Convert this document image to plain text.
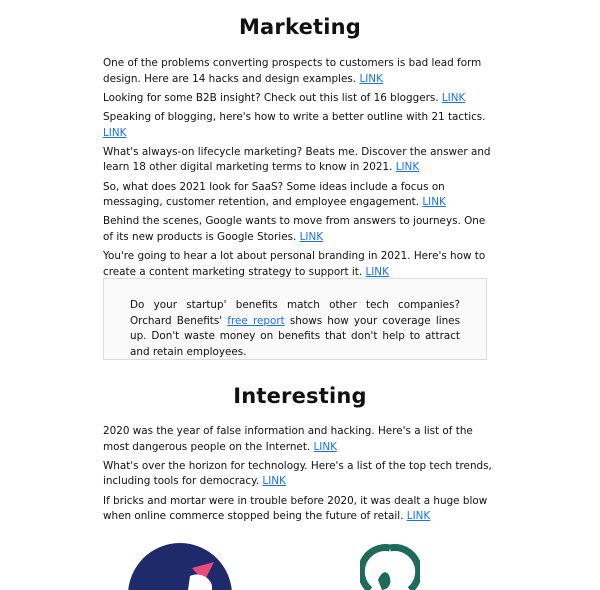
Marketing

One of the problems converting prospects to customers is bad lead form design. Here are 14 hacks and design examples. LINK

Looking for some B2B insight? Check out this list of 16 bloggers. LINK

Speaking of blogging, here's how to write a better outline with 21 tactics. LINK

What's always-on lifecycle marketing? Beats me. Discover the answer and learn 18 other digital marketing terms to know in 2021. LINK

So, what does 2021 look for SaaS? Some ideas include a focus on messaging, customer retention, and employee engagement. LINK

Behind the scenes, Google wants to move from answers to journeys. One of its new products is Google Stories. LINK

You're going to hear a lot about personal branding in 2021. Here's how to create a content marketing strategy to support it. LINK

Do your startup' benefits match other tech companies? Orchard Benefits' free report shows how your coverage lines up. Don't waste money on benefits that don't help to attract and retain employees.

Interesting

2020 was the year of false information and hacking. Here's a list of the most dangerous people on the Internet. LINK

What's over the horizon for technology. Here's a list of the top tech trends, including tools for democracy. LINK

If bricks and mortar were in trouble before 2020, it was dealt a huge blow when online commerce stopped being the future of retail. LINK
